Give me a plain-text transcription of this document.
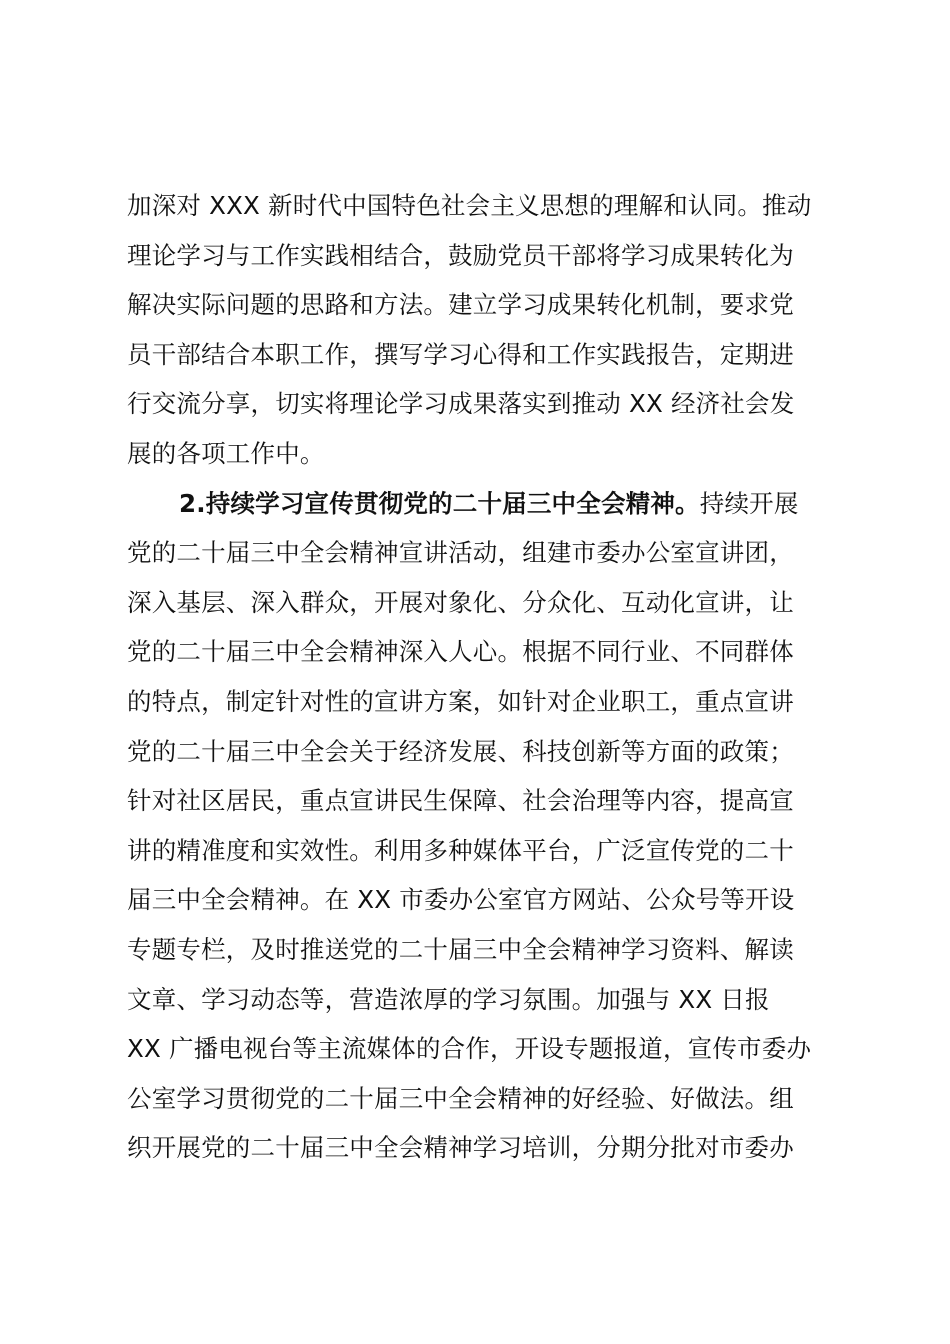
加深对 XXX 新时代中国特色社会主义思想的理解和认同。推动
理论学习与工作实践相结合，鼓励党员干部将学习成果转化为
解决实际问题的思路和方法。建立学习成果转化机制，要求党
员干部结合本职工作，撰写学习心得和工作实践报告，定期进
行交流分享，切实将理论学习成果落实到推动 XX 经济社会发
展的各项工作中。
2.持续学习宣传贯彻党的二十届三中全会精神。持续开展
党的二十届三中全会精神宣讲活动，组建市委办公室宣讲团，
深入基层、深入群众，开展对象化、分众化、互动化宣讲，让
党的二十届三中全会精神深入人心。根据不同行业、不同群体
的特点，制定针对性的宣讲方案，如针对企业职工，重点宣讲
党的二十届三中全会关于经济发展、科技创新等方面的政策；
针对社区居民，重点宣讲民生保障、社会治理等内容，提高宣
讲的精准度和实效性。利用多种媒体平台，广泛宣传党的二十
届三中全会精神。在 XX 市委办公室官方网站、公众号等开设
专题专栏，及时推送党的二十届三中全会精神学习资料、解读
文章、学习动态等，营造浓厚的学习氛围。加强与 XX 日报
XX 广播电视台等主流媒体的合作，开设专题报道，宣传市委办
公室学习贯彻党的二十届三中全会精神的好经验、好做法。组
织开展党的二十届三中全会精神学习培训，分期分批对市委办
